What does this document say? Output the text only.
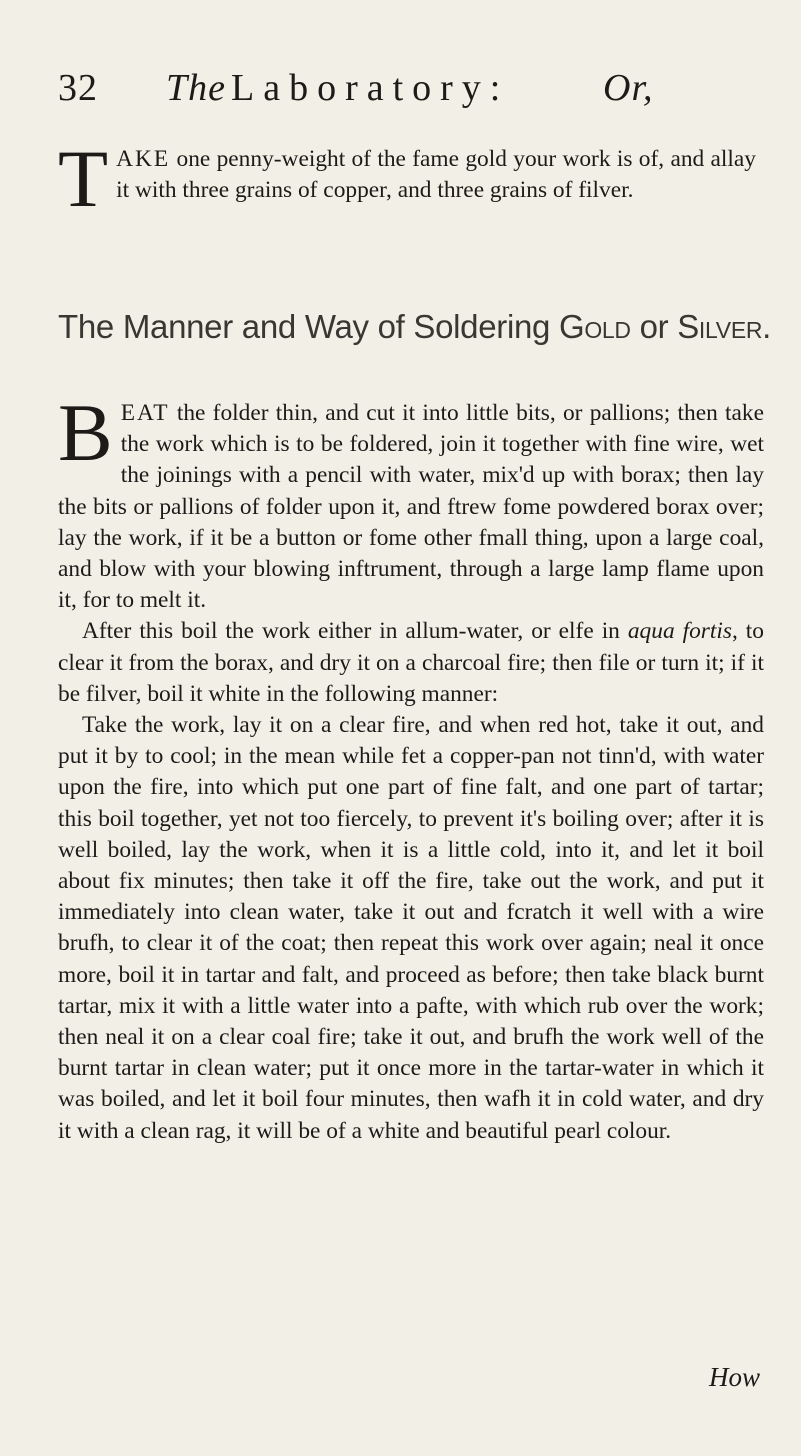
32 The Laboratory: Or,
TAKE one penny-weight of the fame gold your work is of, and allay it with three grains of copper, and three grains of filver.
The Manner and Way of Soldering Gold or Silver.
BEAT the folder thin, and cut it into little bits, or pallions; then take the work which is to be foldered, join it together with fine wire, wet the joinings with a pencil with water, mix'd up with borax; then lay the bits or pallions of folder upon it, and ftrew fome powdered borax over; lay the work, if it be a button or fome other fmall thing, upon a large coal, and blow with your blowing inftrument, through a large lamp flame upon it, for to melt it.
After this boil the work either in allum-water, or elfe in aqua fortis, to clear it from the borax, and dry it on a charcoal fire; then file or turn it; if it be filver, boil it white in the following manner:
Take the work, lay it on a clear fire, and when red hot, take it out, and put it by to cool; in the mean while fet a copper-pan not tinn'd, with water upon the fire, into which put one part of fine falt, and one part of tartar; this boil together, yet not too fiercely, to prevent it's boiling over; after it is well boiled, lay the work, when it is a little cold, into it, and let it boil about fix minutes; then take it off the fire, take out the work, and put it immediately into clean water, take it out and fcratch it well with a wire brufh, to clear it of the coat; then repeat this work over again; neal it once more, boil it in tartar and falt, and proceed as before; then take black burnt tartar, mix it with a little water into a pafte, with which rub over the work; then neal it on a clear coal fire; take it out, and brufh the work well of the burnt tartar in clean water; put it once more in the tartar-water in which it was boiled, and let it boil four minutes, then wafh it in cold water, and dry it with a clean rag, it will be of a white and beautiful pearl colour.
How
